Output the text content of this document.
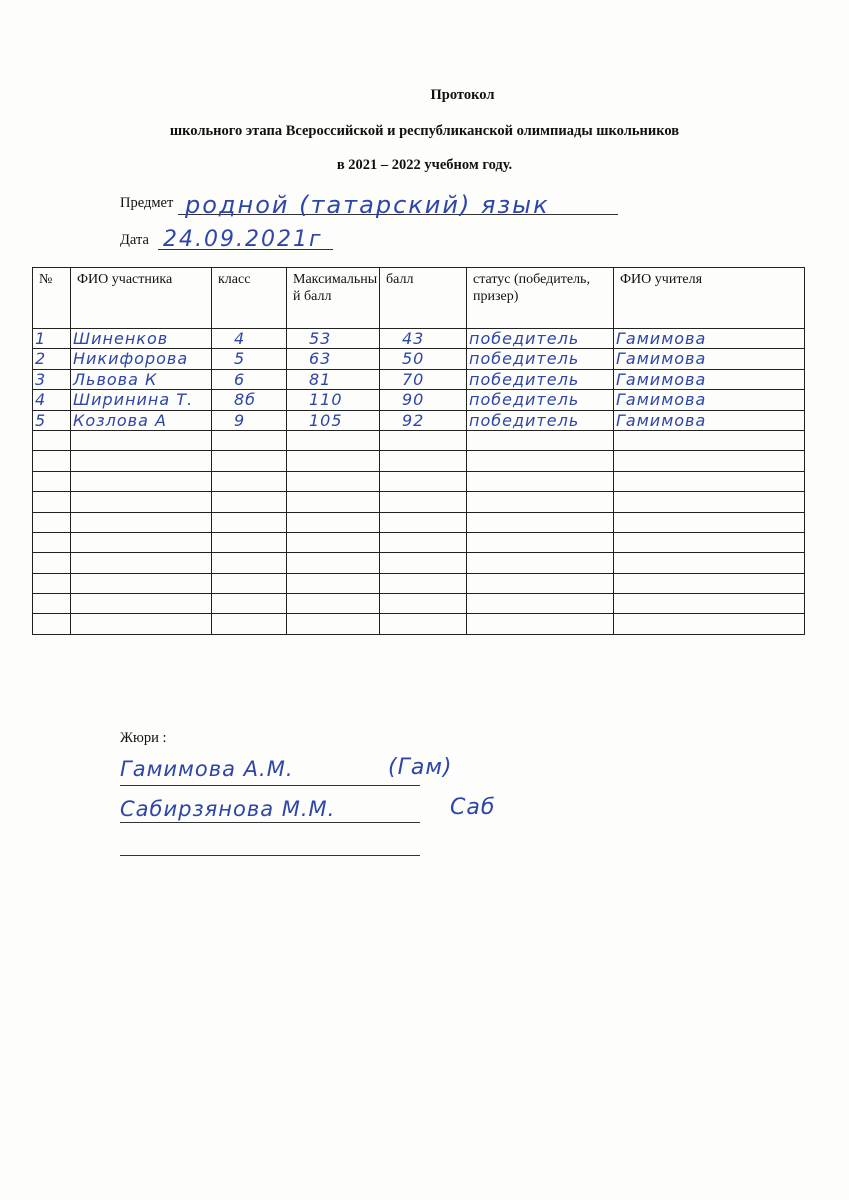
Протокол
школьного этапа Всероссийской и республиканской олимпиады школьников
в 2021 – 2022 учебном году.
Предмет родной (татарский) язык
Дата 24.09.2021г
№	ФИО участника	класс	Максимальный балл	балл	статус (победитель, призер)	ФИО учителя
1	Шиненков	4	53	43	победитель	Гамимова
2	Никифорова	5	63	50	победитель	Гамимова
3	Львова К	6	81	70	победитель	Гамимова
4	Ширинина Т.	8б	110	90	победитель	Гамимова
5	Козлова А	9	105	92	победитель	Гамимова

Жюри :
Гамимова А.М.	(Гам)
Сабирзянова М.М.	Саб
